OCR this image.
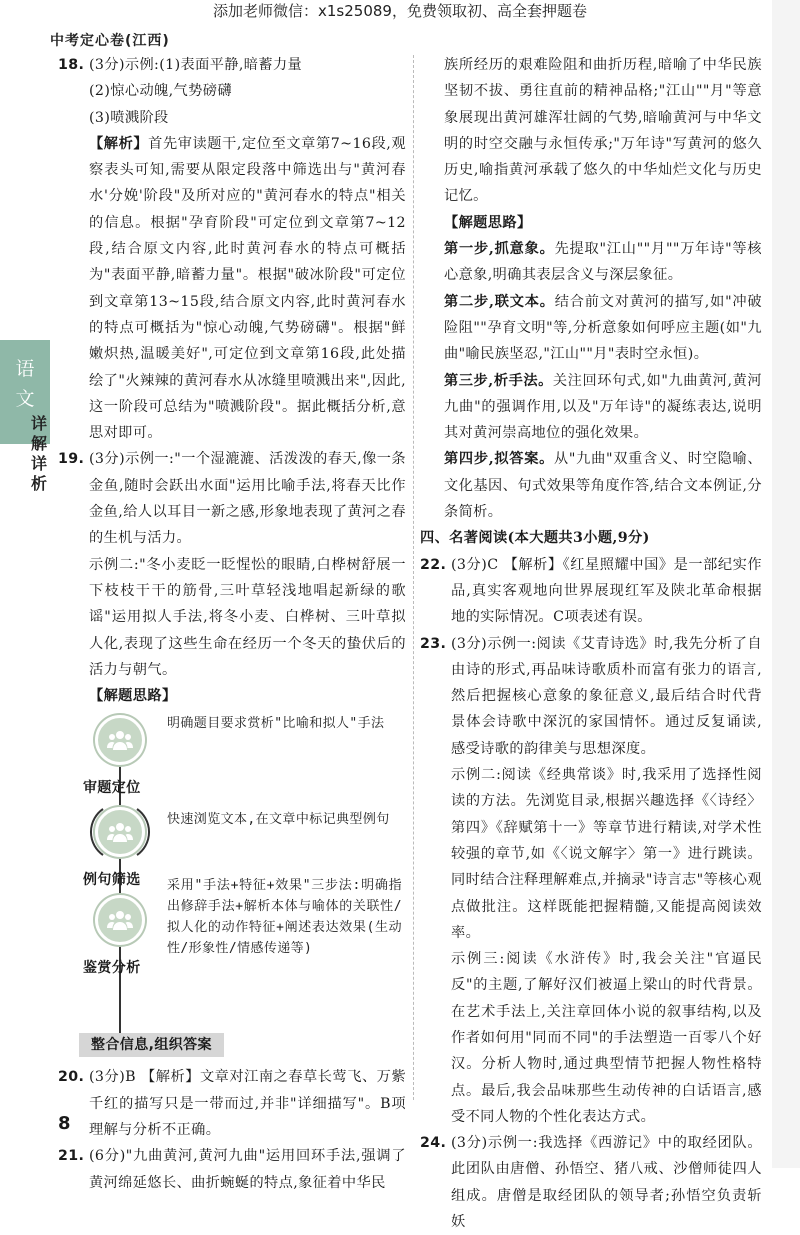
添加老师微信：x1s25089，免费领取初、高全套押题卷
中考定心卷(江西)
语
文
详
解
详
析
18. (3分)示例:(1)表面平静,暗蓄力量
(2)惊心动魄,气势磅礴
(3)喷溅阶段
【解析】首先审读题干,定位至文章第7~16段,观察表头可知,需要从限定段落中筛选出与"黄河春水'分娩'阶段"及所对应的"黄河春水的特点"相关的信息。根据"孕育阶段"可定位到文章第7~12段,结合原文内容,此时黄河春水的特点可概括为"表面平静,暗蓄力量"。根据"破冰阶段"可定位到文章第13~15段,结合原文内容,此时黄河春水的特点可概括为"惊心动魄,气势磅礴"。根据"鲜嫩炽热,温暖美好",可定位到文章第16段,此处描绘了"火辣辣的黄河春水从冰缝里喷溅出来",因此,这一阶段可总结为"喷溅阶段"。据此概括分析,意思对即可。
19. (3分)示例一:"一个湿漉漉、活泼泼的春天,像一条金鱼,随时会跃出水面"运用比喻手法,将春天比作金鱼,给人以耳目一新之感,形象地表现了黄河之春的生机与活力。
示例二:"冬小麦眨一眨惺忪的眼睛,白桦树舒展一下枝枝干干的筋骨,三叶草轻浅地唱起新绿的歌谣"运用拟人手法,将冬小麦、白桦树、三叶草拟人化,表现了这些生命在经历一个冬天的蛰伏后的活力与朝气。
【解题思路】
审题定位
明确题目要求赏析"比喻和拟人"手法
例句筛选
快速浏览文本,在文章中标记典型例句
鉴赏分析
采用"手法+特征+效果"三步法:明确指出修辞手法+解析本体与喻体的关联性/拟人化的动作特征+阐述表达效果(生动性/形象性/情感传递等)
整合信息,组织答案
20. (3分)B 【解析】文章对江南之春草长莺飞、万紫千红的描写只是一带而过,并非"详细描写"。B项理解与分析不正确。
21. (6分)"九曲黄河,黄河九曲"运用回环手法,强调了黄河绵延悠长、曲折蜿蜒的特点,象征着中华民
族所经历的艰难险阻和曲折历程,暗喻了中华民族坚韧不拔、勇往直前的精神品格;"江山""月"等意象展现出黄河雄浑壮阔的气势,暗喻黄河与中华文明的时空交融与永恒传承;"万年诗"写黄河的悠久历史,喻指黄河承载了悠久的中华灿烂文化与历史记忆。
【解题思路】
第一步,抓意象。先提取"江山""月""万年诗"等核心意象,明确其表层含义与深层象征。
第二步,联文本。结合前文对黄河的描写,如"冲破险阻""孕育文明"等,分析意象如何呼应主题(如"九曲"喻民族坚忍,"江山""月"表时空永恒)。
第三步,析手法。关注回环句式,如"九曲黄河,黄河九曲"的强调作用,以及"万年诗"的凝练表达,说明其对黄河崇高地位的强化效果。
第四步,拟答案。从"九曲"双重含义、时空隐喻、文化基因、句式效果等角度作答,结合文本例证,分条简析。
四、名著阅读(本大题共3小题,9分)
22. (3分)C 【解析】《红星照耀中国》是一部纪实作品,真实客观地向世界展现红军及陕北革命根据地的实际情况。C项表述有误。
23. (3分)示例一:阅读《艾青诗选》时,我先分析了自由诗的形式,再品味诗歌质朴而富有张力的语言,然后把握核心意象的象征意义,最后结合时代背景体会诗歌中深沉的家国情怀。通过反复诵读,感受诗歌的韵律美与思想深度。
示例二:阅读《经典常谈》时,我采用了选择性阅读的方法。先浏览目录,根据兴趣选择《〈诗经〉第四》《辞赋第十一》等章节进行精读,对学术性较强的章节,如《〈说文解字〉第一》进行跳读。同时结合注释理解难点,并摘录"诗言志"等核心观点做批注。这样既能把握精髓,又能提高阅读效率。
示例三:阅读《水浒传》时,我会关注"官逼民反"的主题,了解好汉们被逼上梁山的时代背景。在艺术手法上,关注章回体小说的叙事结构,以及作者如何用"同而不同"的手法塑造一百零八个好汉。分析人物时,通过典型情节把握人物性格特点。最后,我会品味那些生动传神的白话语言,感受不同人物的个性化表达方式。
24. (3分)示例一:我选择《西游记》中的取经团队。此团队由唐僧、孙悟空、猪八戒、沙僧师徒四人组成。唐僧是取经团队的领导者;孙悟空负责斩妖
8
